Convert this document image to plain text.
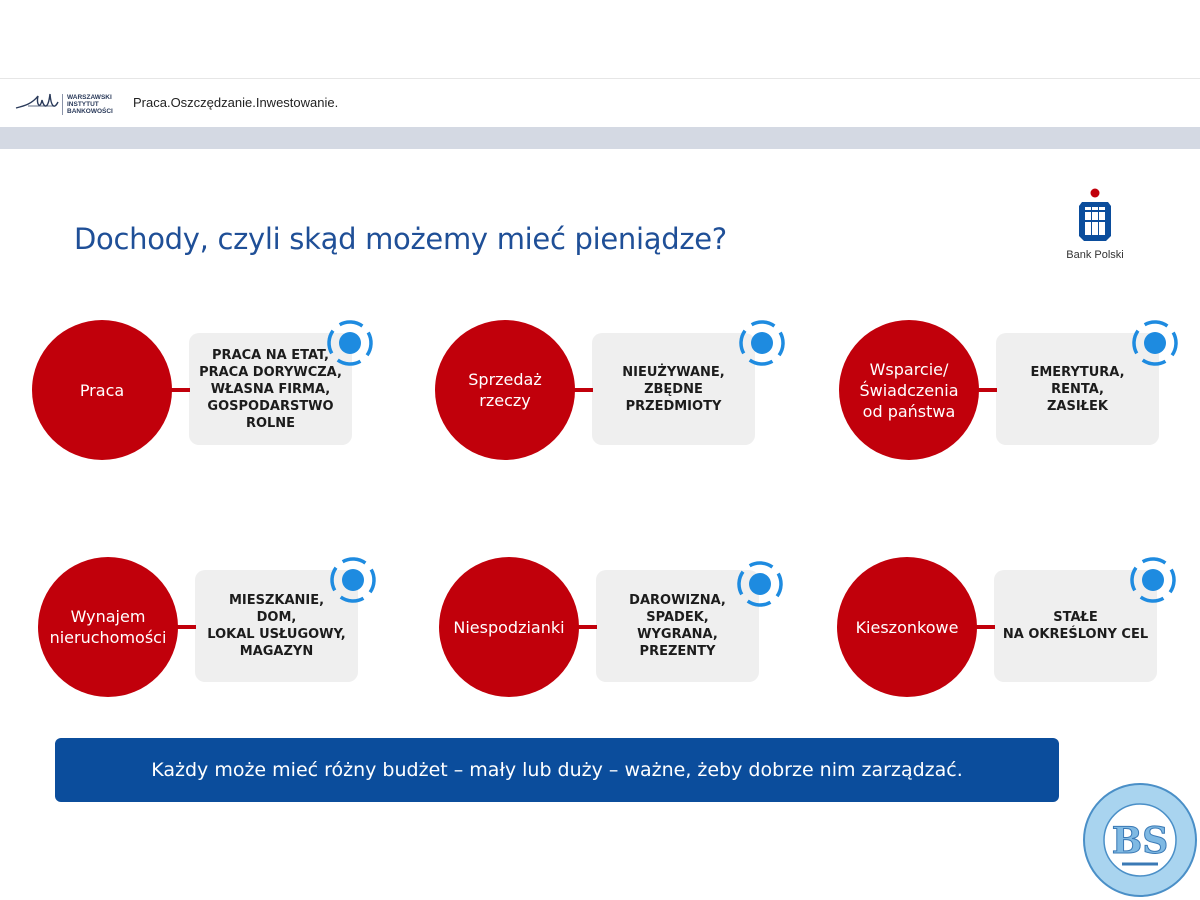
WARSZAWSKI
INSTYTUT
BANKOWOŚCI
Praca.Oszczędzanie.Inwestowanie.
Dochody, czyli skąd możemy mieć pieniądze?	Bank Polski
Praca
PRACA NA ETAT,
PRACA DORYWCZA,
WŁASNA FIRMA,
GOSPODARSTWO
ROLNE
Sprzedaż
rzeczy
NIEUŻYWANE,
ZBĘDNE
PRZEDMIOTY
Wsparcie/
Świadczenia
od państwa
EMERYTURA,
RENTA,
ZASIŁEK
Wynajem
nieruchomości
MIESZKANIE,
DOM,
LOKAL USŁUGOWY,
MAGAZYN
Niespodzianki
DAROWIZNA,
SPADEK,
WYGRANA,
PREZENTY
Kieszonkowe	STAŁE
NA OKREŚLONY CEL
Każdy może mieć różny budżet – mały lub duży – ważne, żeby dobrze nim zarządzać.
BS
